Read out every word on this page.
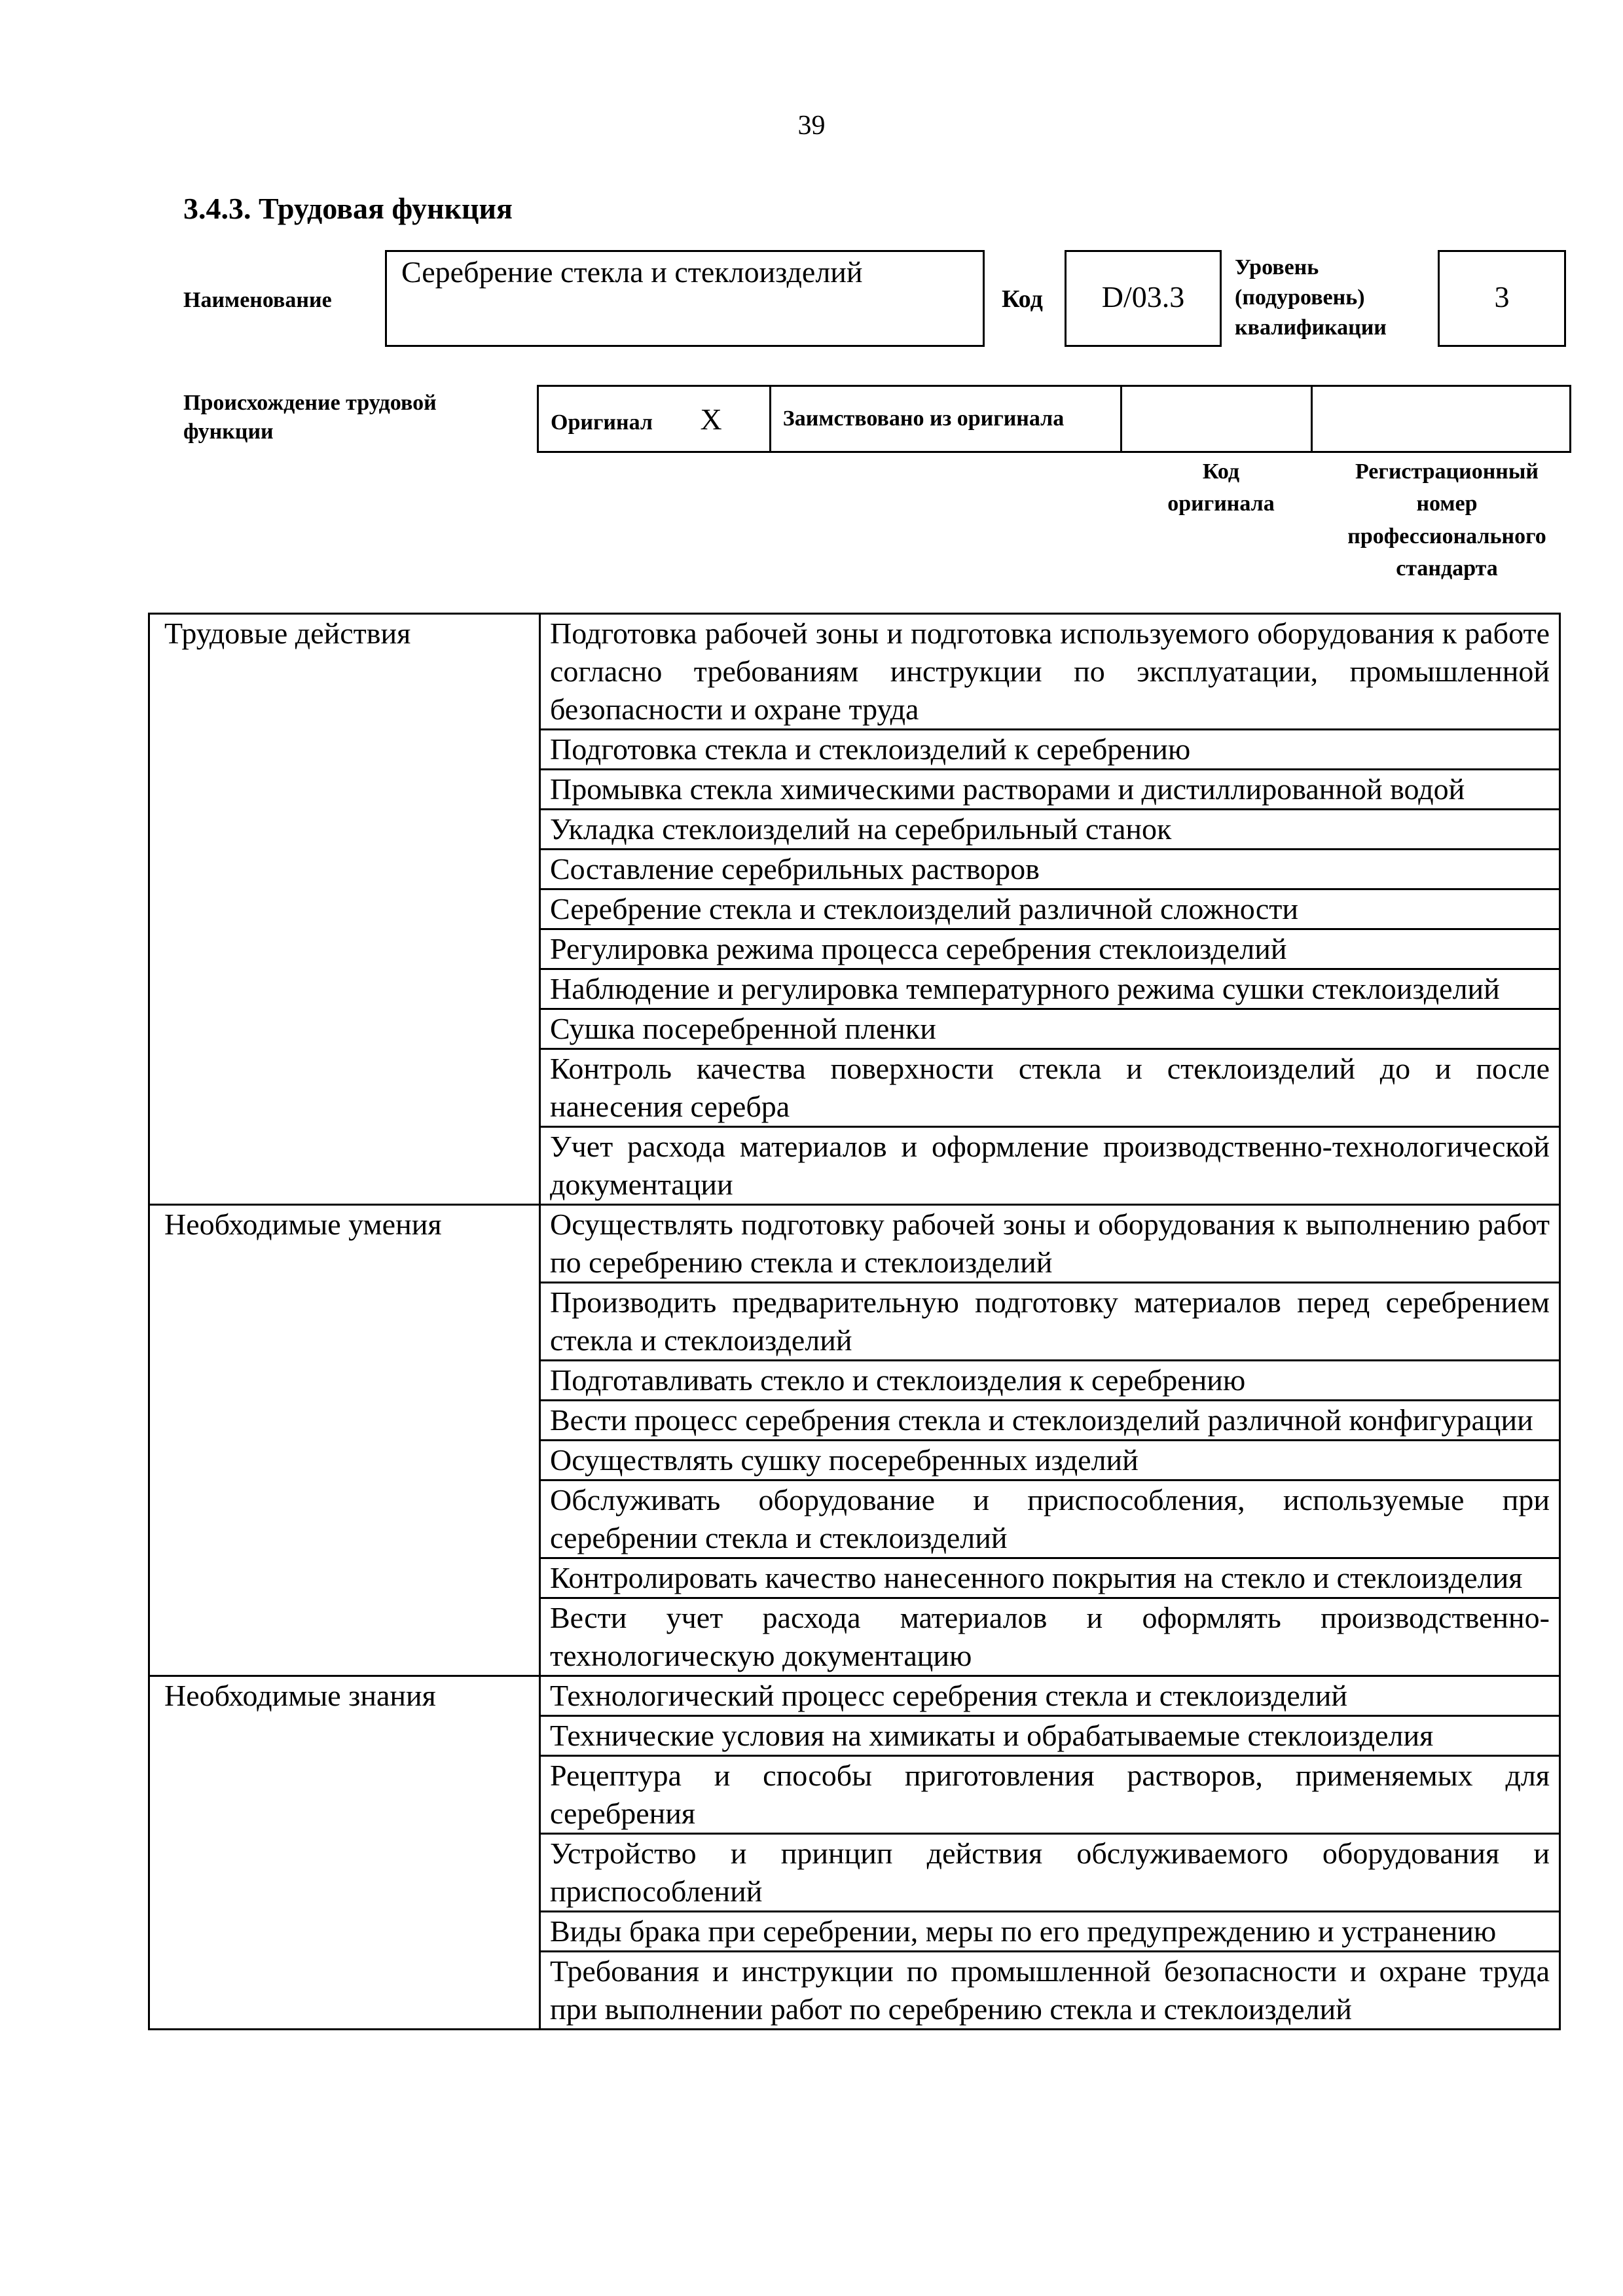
39
3.4.3. Трудовая функция
Наименование
Серебрение стекла и стеклоизделий
Код	D/03.3
Уровень
(подуровень)
квалификации
3
Происхождение трудовой
функции	Оригинал X	Заимствовано из оригинала		
Код
оригинала
Регистрационный
номер
профессионального
стандарта
Трудовые действия	Подготовка рабочей зоны и подготовка используемого оборудования к работе согласно требованиям инструкции по эксплуатации, промышленной безопасности и охране труда
	Подготовка стекла и стеклоизделий к серебрению
	Промывка стекла химическими растворами и дистиллированной водой
	Укладка стеклоизделий на серебрильный станок
	Составление серебрильных растворов
	Серебрение стекла и стеклоизделий различной сложности
	Регулировка режима процесса серебрения стеклоизделий
	Наблюдение и регулировка температурного режима сушки стеклоизделий
	Сушка посеребренной пленки
	Контроль качества поверхности стекла и стеклоизделий до и после нанесения серебра
	Учет расхода материалов и оформление производственно-технологической документации
Необходимые умения	Осуществлять подготовку рабочей зоны и оборудования к выполнению работ по серебрению стекла и стеклоизделий
	Производить предварительную подготовку материалов перед серебрением стекла и стеклоизделий
	Подготавливать стекло и стеклоизделия к серебрению
	Вести процесс серебрения стекла и стеклоизделий различной конфигурации
	Осуществлять сушку посеребренных изделий
	Обслуживать оборудование и приспособления, используемые при серебрении стекла и стеклоизделий
	Контролировать качество нанесенного покрытия на стекло и стеклоизделия
	Вести учет расхода материалов и оформлять производственно-технологическую документацию
Необходимые знания	Технологический процесс серебрения стекла и стеклоизделий
	Технические условия на химикаты и обрабатываемые стеклоизделия
	Рецептура и способы приготовления растворов, применяемых для серебрения
	Устройство и принцип действия обслуживаемого оборудования и приспособлений
	Виды брака при серебрении, меры по его предупреждению и устранению
	Требования и инструкции по промышленной безопасности и охране труда при выполнении работ по серебрению стекла и стеклоизделий
